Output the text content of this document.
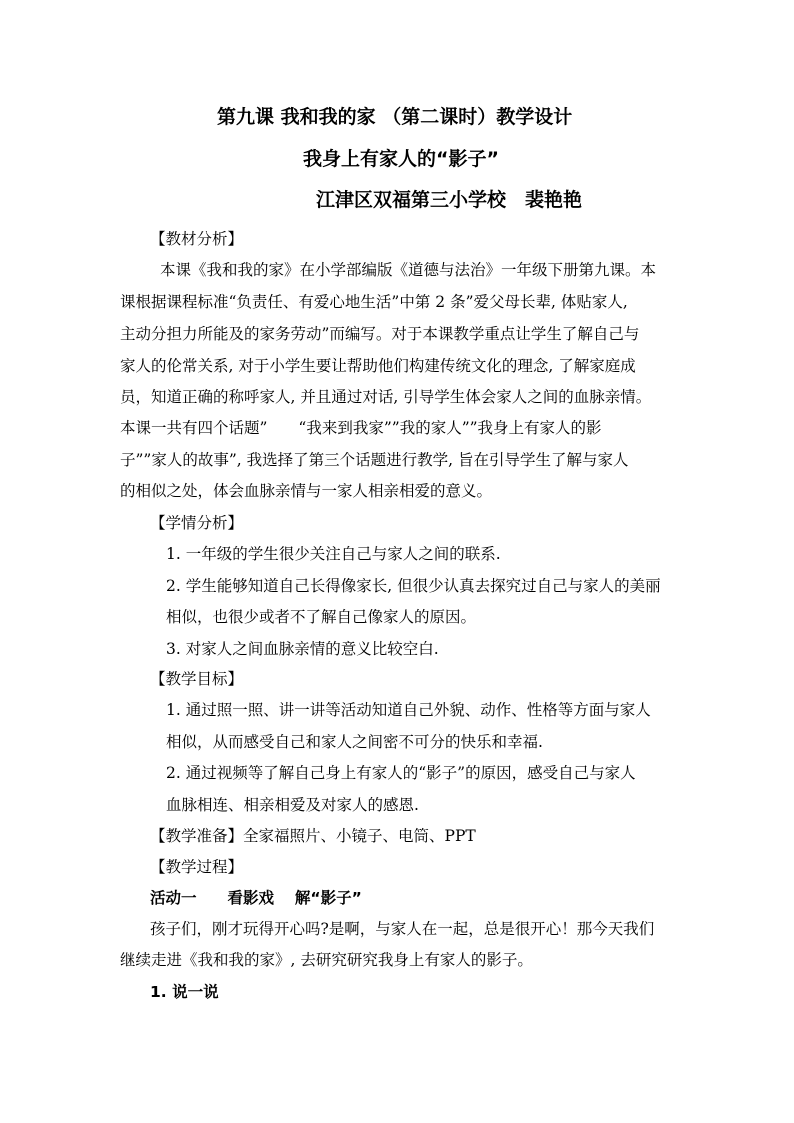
第九课 我和我的家 （第二课时）教学设计
我身上有家人的“影子”
江津区双福第三小学校　裴艳艳
【教材分析】
本课《我和我的家》在小学部编版《道德与法治》一年级下册第九课。本
课根据课程标准“负责任、有爱心地生活”中第 2 条”爱父母长辈, 体贴家人,
主动分担力所能及的家务劳动”而编写。对于本课教学重点让学生了解自己与
家人的伦常关系, 对于小学生要让帮助他们构建传统文化的理念, 了解家庭成
员，知道正确的称呼家人, 并且通过对话, 引导学生体会家人之间的血脉亲情。
本课一共有四个话题”　　“我来到我家””我的家人””我身上有家人的影
子””家人的故事”, 我选择了第三个话题进行教学, 旨在引导学生了解与家人
的相似之处，体会血脉亲情与一家人相亲相爱的意义。
【学情分析】
1. 一年级的学生很少关注自己与家人之间的联系.
2. 学生能够知道自己长得像家长, 但很少认真去探究过自己与家人的美丽
相似，也很少或者不了解自己像家人的原因。
3. 对家人之间血脉亲情的意义比较空白.
【教学目标】
1. 通过照一照、讲一讲等活动知道自己外貌、动作、性格等方面与家人
相似，从而感受自己和家人之间密不可分的快乐和幸福.
2. 通过视频等了解自己身上有家人的“影子”的原因，感受自己与家人
血脉相连、相亲相爱及对家人的感恩.
【教学准备】全家福照片、小镜子、电筒、PPT
【教学过程】
活动一　　看影戏　 解“影子”
孩子们，刚才玩得开心吗?是啊，与家人在一起，总是很开心！那今天我们
继续走进《我和我的家》, 去研究研究我身上有家人的影子。
1. 说一说
